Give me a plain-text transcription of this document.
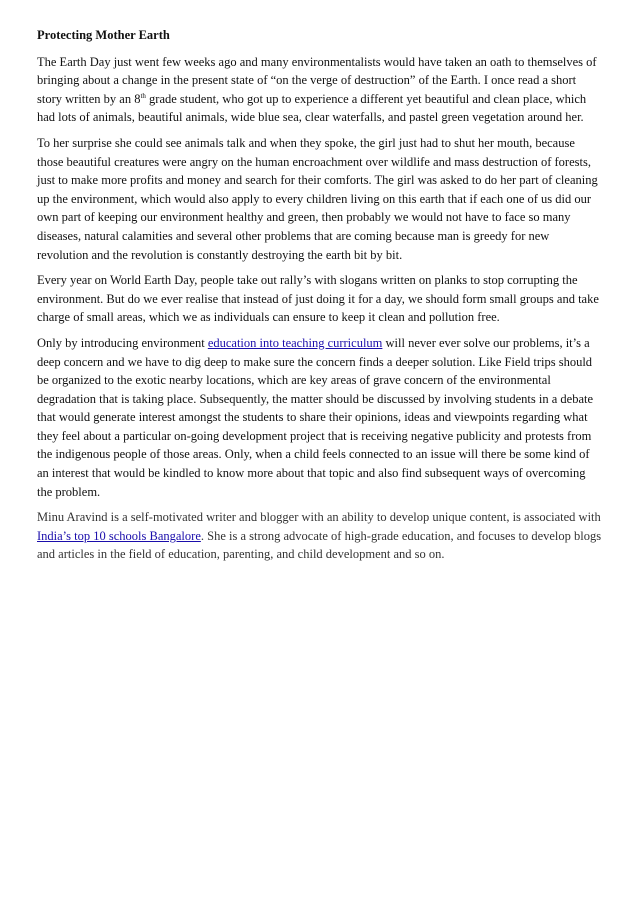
Protecting Mother Earth

The Earth Day just went few weeks ago and many environmentalists would have taken an oath to themselves of bringing about a change in the present state of “on the verge of destruction” of the Earth. I once read a short story written by an 8th grade student, who got up to experience a different yet beautiful and clean place, which had lots of animals, beautiful animals, wide blue sea, clear waterfalls, and pastel green vegetation around her.

To her surprise she could see animals talk and when they spoke, the girl just had to shut her mouth, because those beautiful creatures were angry on the human encroachment over wildlife and mass destruction of forests, just to make more profits and money and search for their comforts. The girl was asked to do her part of cleaning up the environment, which would also apply to every children living on this earth that if each one of us did our own part of keeping our environment healthy and green, then probably we would not have to face so many diseases, natural calamities and several other problems that are coming because man is greedy for new revolution and the revolution is constantly destroying the earth bit by bit.

Every year on World Earth Day, people take out rally’s with slogans written on planks to stop corrupting the environment. But do we ever realise that instead of just doing it for a day, we should form small groups and take charge of small areas, which we as individuals can ensure to keep it clean and pollution free.

Only by introducing environment education into teaching curriculum will never ever solve our problems, it’s a deep concern and we have to dig deep to make sure the concern finds a deeper solution. Like Field trips should be organized to the exotic nearby locations, which are key areas of grave concern of the environmental degradation that is taking place. Subsequently, the matter should be discussed by involving students in a debate that would generate interest amongst the students to share their opinions, ideas and viewpoints regarding what they feel about a particular on-going development project that is receiving negative publicity and protests from the indigenous people of those areas. Only, when a child feels connected to an issue will there be some kind of an interest that would be kindled to know more about that topic and also find subsequent ways of overcoming the problem.

Minu Aravind is a self-motivated writer and blogger with an ability to develop unique content, is associated with India’s top 10 schools Bangalore. She is a strong advocate of high-grade education, and focuses to develop blogs and articles in the field of education, parenting, and child development and so on.
